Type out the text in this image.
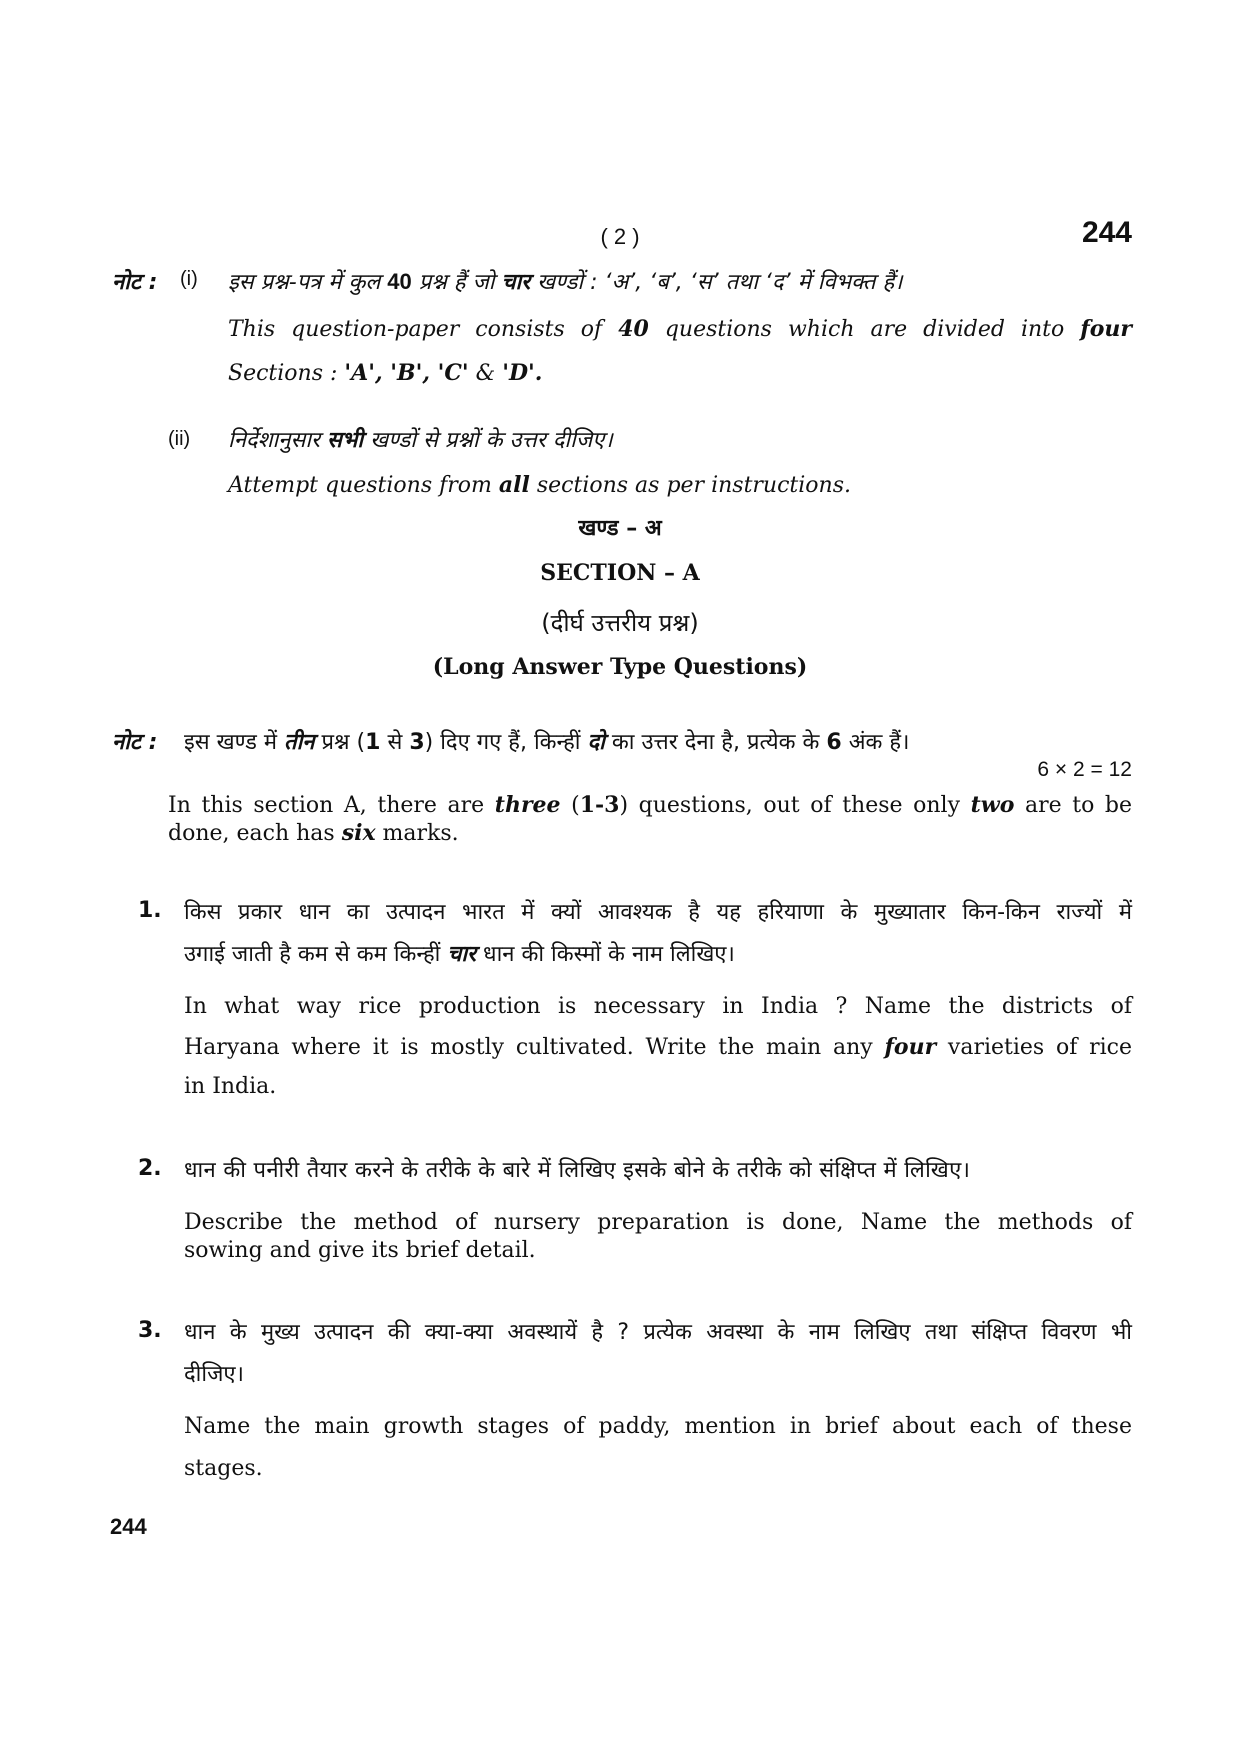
( 2 )	244
नोट : (i) इस प्रश्न-पत्र में कुल 40 प्रश्न हैं जो चार खण्डों : ‘अ’, ‘ब’, ‘स’ तथा ‘द’ में विभक्त हैं।
This question-paper consists of 40 questions which are divided into four
Sections : 'A', 'B', 'C' & 'D'.
(ii) निर्देशानुसार सभी खण्डों से प्रश्नों के उत्तर दीजिए।
Attempt questions from all sections as per instructions.
खण्ड – अ
SECTION – A
(दीर्घ उत्तरीय प्रश्न)
(Long Answer Type Questions)
नोट : इस खण्ड में तीन प्रश्न (1 से 3) दिए गए हैं, किन्हीं दो का उत्तर देना है, प्रत्येक के 6 अंक हैं।
6 × 2 = 12
In this section A, there are three (1-3) questions, out of these only two are to be
done, each has six marks.
1. किस प्रकार धान का उत्पादन भारत में क्यों आवश्यक है यह हरियाणा के मुख्यातार किन-किन राज्यों में
उगाई जाती है कम से कम किन्हीं चार धान की किस्मों के नाम लिखिए।
In what way rice production is necessary in India ? Name the districts of
Haryana where it is mostly cultivated. Write the main any four varieties of rice
in India.
2. धान की पनीरी तैयार करने के तरीके के बारे में लिखिए इसके बोने के तरीके को संक्षिप्त में लिखिए।
Describe the method of nursery preparation is done, Name the methods of
sowing and give its brief detail.
3. धान के मुख्य उत्पादन की क्या-क्या अवस्थायें है ? प्रत्येक अवस्था के नाम लिखिए तथा संक्षिप्त विवरण भी
दीजिए।
Name the main growth stages of paddy, mention in brief about each of these
stages.
244
